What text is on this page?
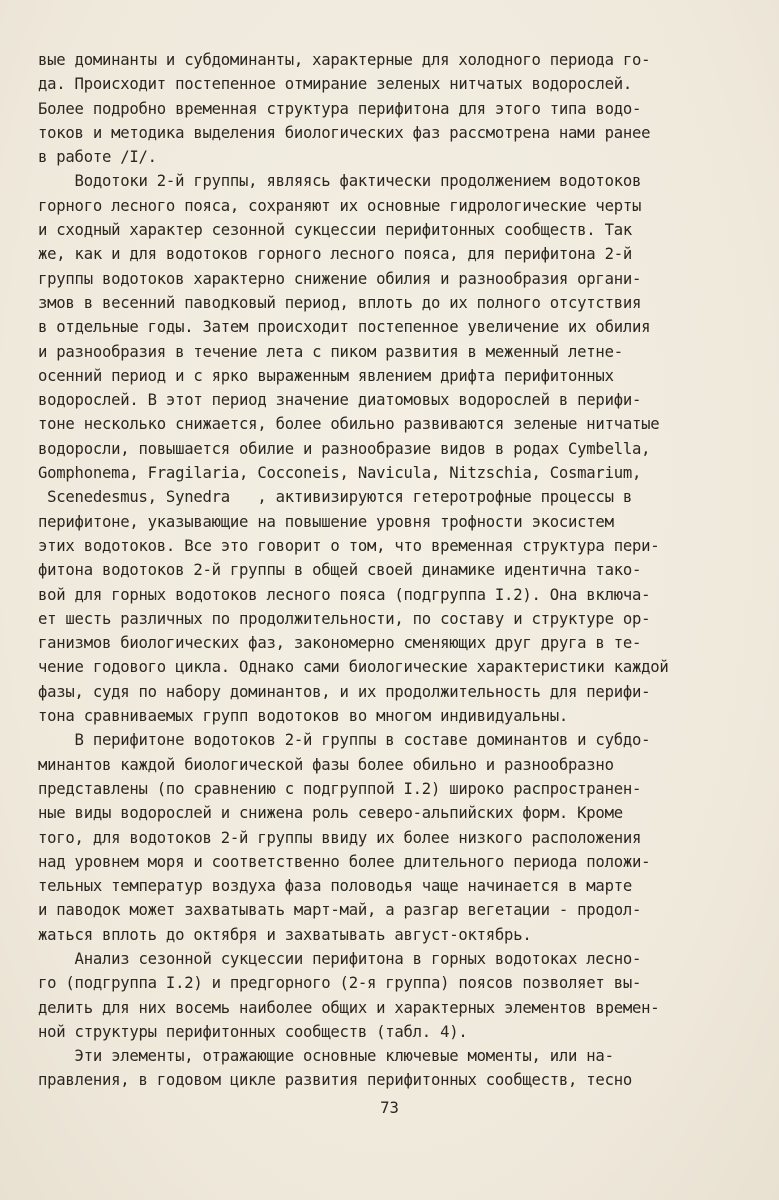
вые доминанты и субдоминанты, характерные для холодного периода го-
да. Происходит постепенное отмирание зеленых нитчатых водорослей.
Более подробно временная структура перифитона для этого типа водо-
токов и методика выделения биологических фаз рассмотрена нами ранее
в работе /I/.
Водотоки 2-й группы, являясь фактически продолжением водотоков
горного лесного пояса, сохраняют их основные гидрологические черты
и сходный характер сезонной сукцессии перифитонных сообществ. Так
же, как и для водотоков горного лесного пояса, для перифитона 2-й
группы водотоков характерно снижение обилия и разнообразия органи-
змов в весенний паводковый период, вплоть до их полного отсутствия
в отдельные годы. Затем происходит постепенное увеличение их обилия
и разнообразия в течение лета с пиком развития в меженный летне-
осенний период и с ярко выраженным явлением дрифта перифитонных
водорослей. В этот период значение диатомовых водорослей в перифи-
тоне несколько снижается, более обильно развиваются зеленые нитчатые
водоросли, повышается обилие и разнообразие видов в родах Cymbella,
Gomphonema, Fragilaria, Cocconeis, Navicula, Nitzschia, Cosmarium,
Scenedesmus, Synedra   , активизируются гетеротрофные процессы в
перифитоне, указывающие на повышение уровня трофности экосистем
этих водотоков. Все это говорит о том, что временная структура пери-
фитона водотоков 2-й группы в общей своей динамике идентична тако-
вой для горных водотоков лесного пояса (подгруппа I.2). Она включа-
ет шесть различных по продолжительности, по составу и структуре ор-
ганизмов биологических фаз, закономерно сменяющих друг друга в те-
чение годового цикла. Однако сами биологические характеристики каждой
фазы, судя по набору доминантов, и их продолжительность для перифи-
тона сравниваемых групп водотоков во многом индивидуальны.
В перифитоне водотоков 2-й группы в составе доминантов и субдо-
минантов каждой биологической фазы более обильно и разнообразно
представлены (по сравнению с подгруппой I.2) широко распространен-
ные виды водорослей и снижена роль северо-альпийских форм. Кроме
того, для водотоков 2-й группы ввиду их более низкого расположения
над уровнем моря и соответственно более длительного периода положи-
тельных температур воздуха фаза половодья чаще начинается в марте
и паводок может захватывать март-май, а разгар вегетации - продол-
жаться вплоть до октября и захватывать август-октябрь.
Анализ сезонной сукцессии перифитона в горных водотоках лесно-
го (подгруппа I.2) и предгорного (2-я группа) поясов позволяет вы-
делить для них восемь наиболее общих и характерных элементов времен-
ной структуры перифитонных сообществ (табл. 4).
Эти элементы, отражающие основные ключевые моменты, или на-
правления, в годовом цикле развития перифитонных сообществ, тесно
73
